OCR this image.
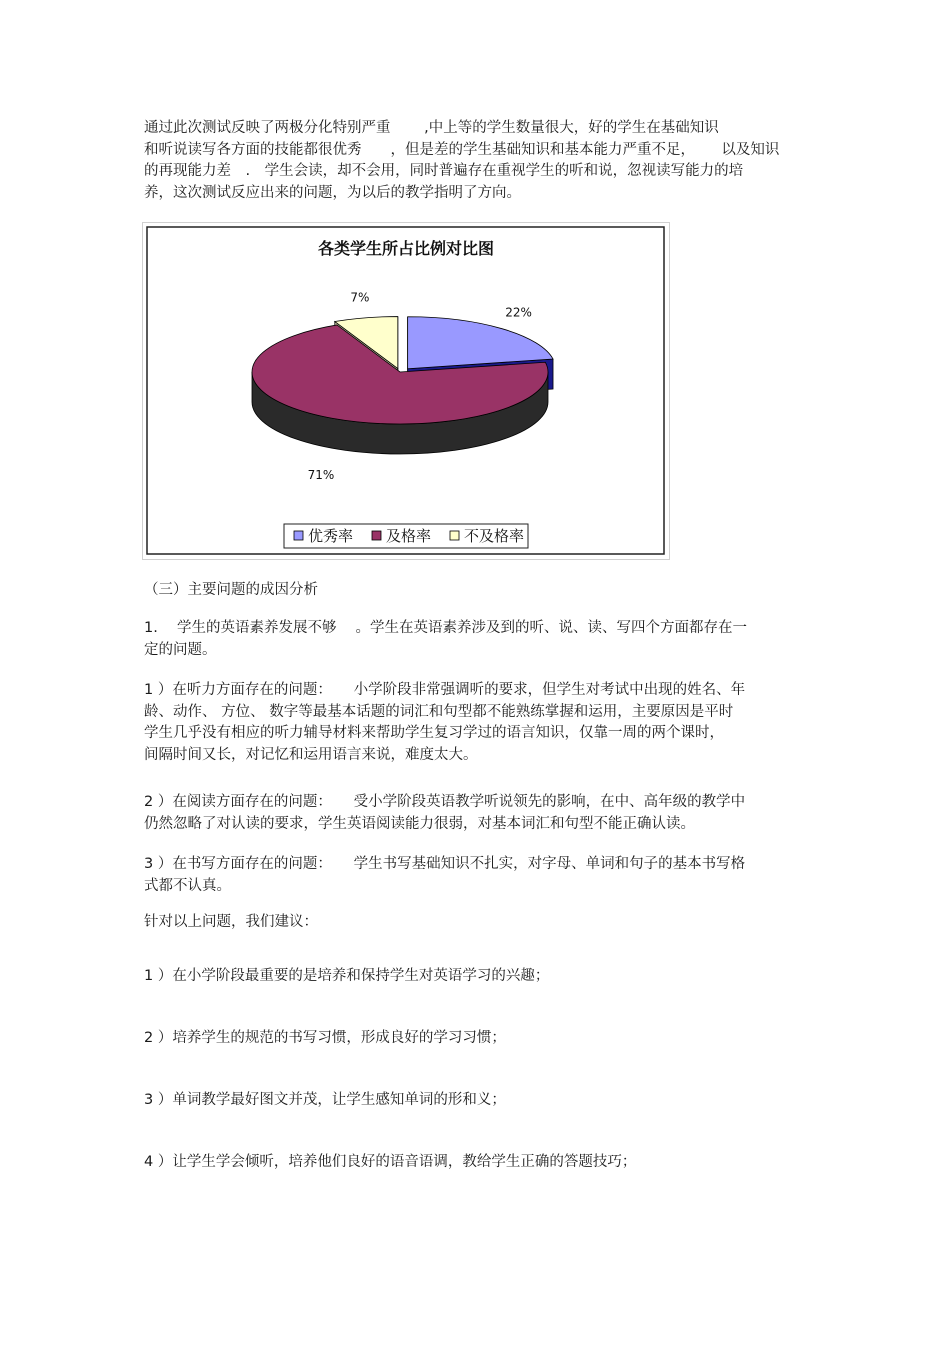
通过此次测试反映了两极分化特别严重　　 ,中上等的学生数量很大，好的学生在基础知识
和听说读写各方面的技能都很优秀　　，但是差的学生基础知识和基本能力严重不足，　　 以及知识
的再现能力差　.　学生会读，却不会用，同时普遍存在重视学生的听和说，忽视读写能力的培
养，这次测试反应出来的问题，为以后的教学指明了方向。

各类学生所占比例对比图
22%
71%
7%
优秀率 及格率 不及格率

（三）主要问题的成因分析

1.　 学生的英语素养发展不够　 。学生在英语素养涉及到的听、说、读、写四个方面都存在一
定的问题。

1 ）在听力方面存在的问题：　　小学阶段非常强调听的要求，但学生对考试中出现的姓名、年
龄、动作、 方位、 数字等最基本话题的词汇和句型都不能熟练掌握和运用，主要原因是平时
学生几乎没有相应的听力辅导材料来帮助学生复习学过的语言知识，仅靠一周的两个课时，
间隔时间又长，对记忆和运用语言来说，难度太大。

2 ）在阅读方面存在的问题：　　受小学阶段英语教学听说领先的影响，在中、高年级的教学中
仍然忽略了对认读的要求，学生英语阅读能力很弱，对基本词汇和句型不能正确认读。

3 ）在书写方面存在的问题：　　学生书写基础知识不扎实，对字母、单词和句子的基本书写格
式都不认真。

针对以上问题，我们建议：

1 ）在小学阶段最重要的是培养和保持学生对英语学习的兴趣；

2 ）培养学生的规范的书写习惯，形成良好的学习习惯；

3 ）单词教学最好图文并茂，让学生感知单词的形和义；

4 ）让学生学会倾听，培养他们良好的语音语调，教给学生正确的答题技巧；
